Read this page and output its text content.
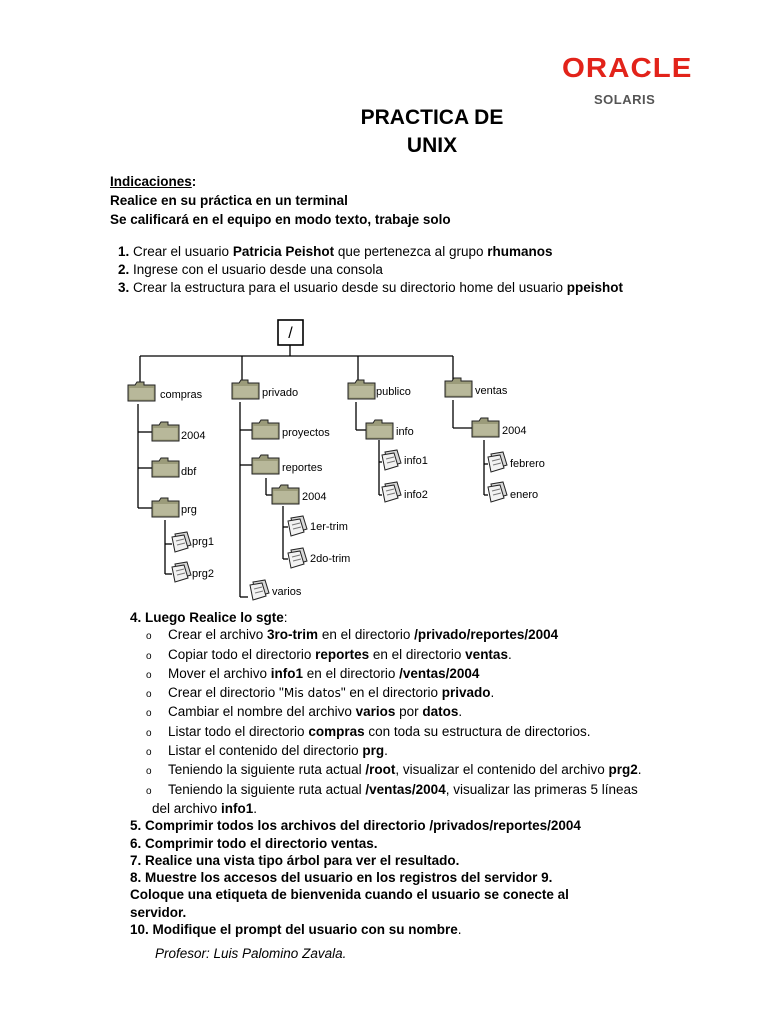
ORACLE
SOLARIS
PRACTICA DE
UNIX
Indicaciones:
Realice en su práctica en un terminal
Se calificará en el equipo en modo texto, trabaje solo
1. Crear el usuario Patricia Peishot que pertenezca al grupo rhumanos
2. Ingrese con el usuario desde una consola
3. Crear la estructura para el usuario desde su directorio home del usuario ppeishot
/
compras
2004
dbf
prg
prg1
prg2
privado
proyectos
reportes
2004
1er-trim
2do-trim
varios
publico
info
info1
info2
ventas
2004
febrero
enero
4. Luego Realice lo sgte:
o Crear el archivo 3ro-trim en el directorio /privado/reportes/2004
o Copiar todo el directorio reportes en el directorio ventas.
o Mover el archivo info1 en el directorio /ventas/2004
o Crear el directorio "Mis datos" en el directorio privado.
o Cambiar el nombre del archivo varios por datos.
o Listar todo el directorio compras con toda su estructura de directorios.
o Listar el contenido del directorio prg.
o Teniendo la siguiente ruta actual /root, visualizar el contenido del archivo prg2.
o Teniendo la siguiente ruta actual /ventas/2004, visualizar las primeras 5 líneas
del archivo info1.
5. Comprimir todos los archivos del directorio /privados/reportes/2004
6. Comprimir todo el directorio ventas.
7. Realice una vista tipo árbol para ver el resultado.
8. Muestre los accesos del usuario en los registros del servidor 9.
Coloque una etiqueta de bienvenida cuando el usuario se conecte al
servidor.
10. Modifique el prompt del usuario con su nombre.
Profesor: Luis Palomino Zavala.
